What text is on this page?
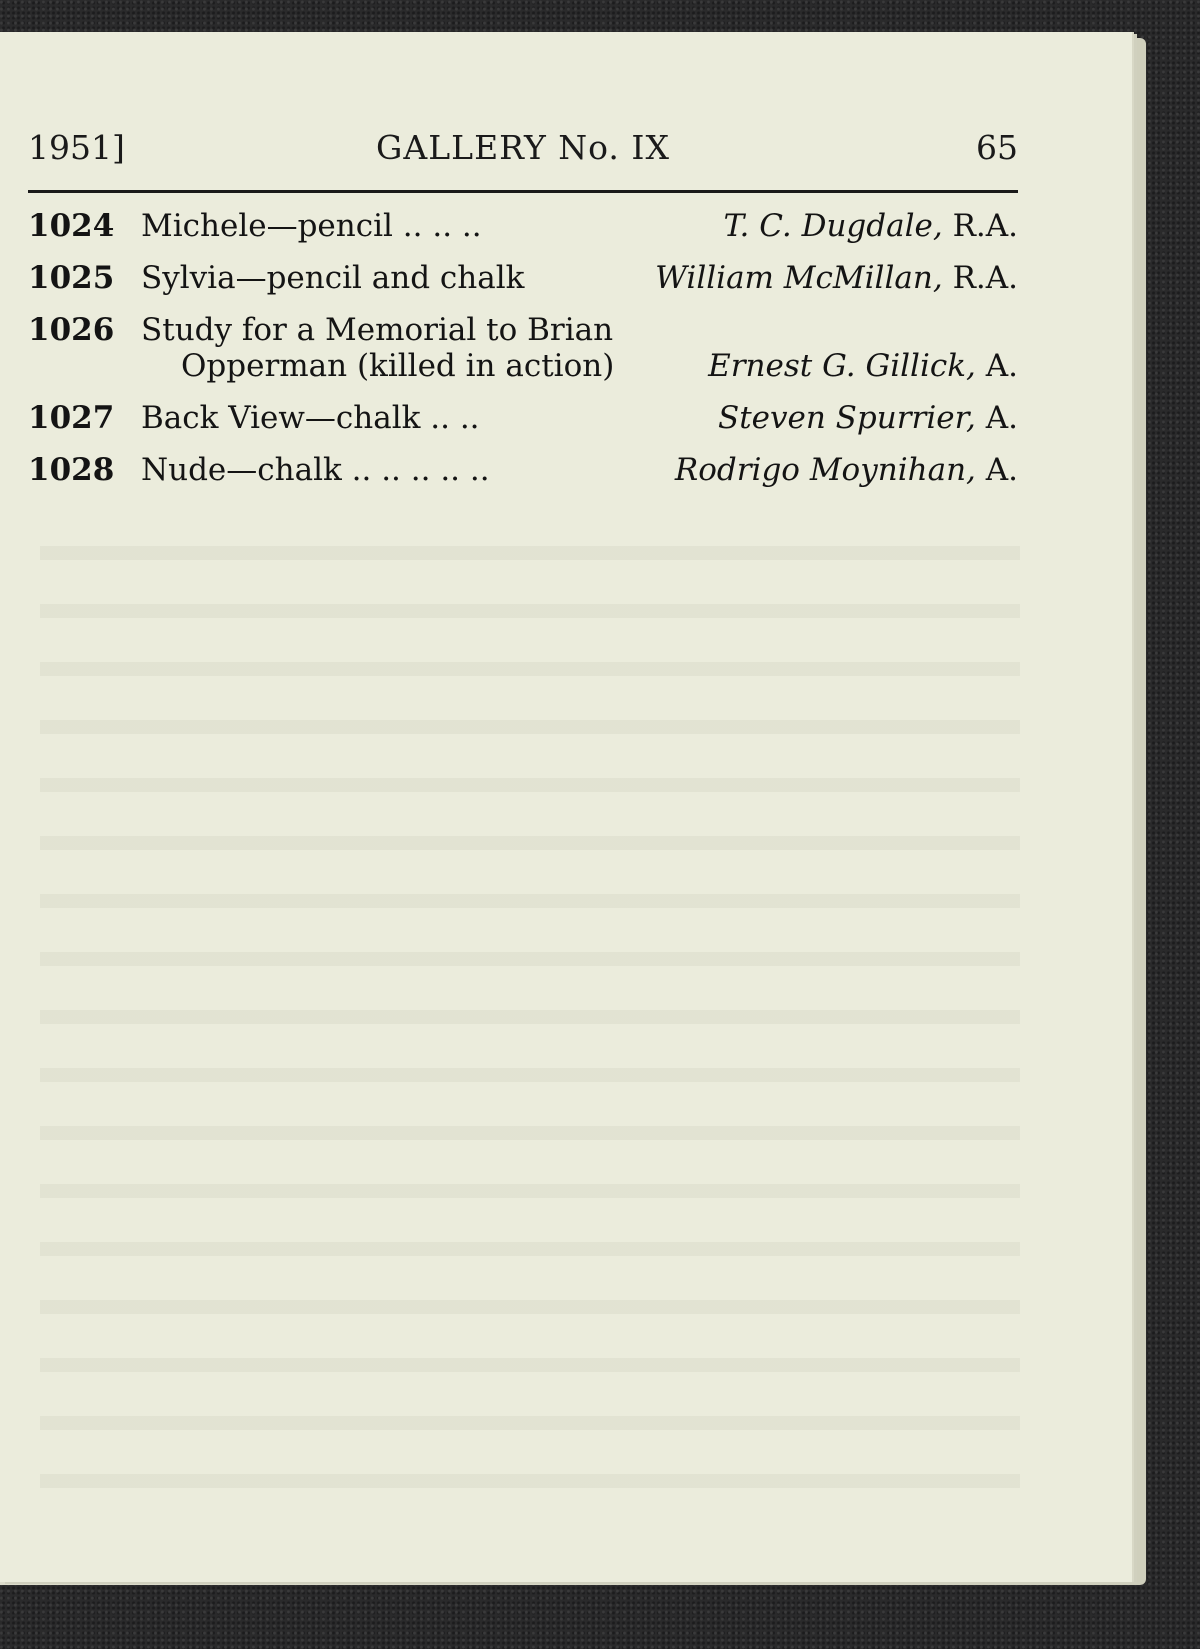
1951]	GALLERY No. IX	65
1024 Michele—pencil .. .. ..	T. C. Dugdale, R.A.
1025 Sylvia—pencil and chalk	William McMillan, R.A.
1026 Study for a Memorial to Brian
Opperman (killed in action)	Ernest G. Gillick, A.
1027 Back View—chalk .. ..	Steven Spurrier, A.
1028 Nude—chalk .. .. .. .. ..	Rodrigo Moynihan, A.
